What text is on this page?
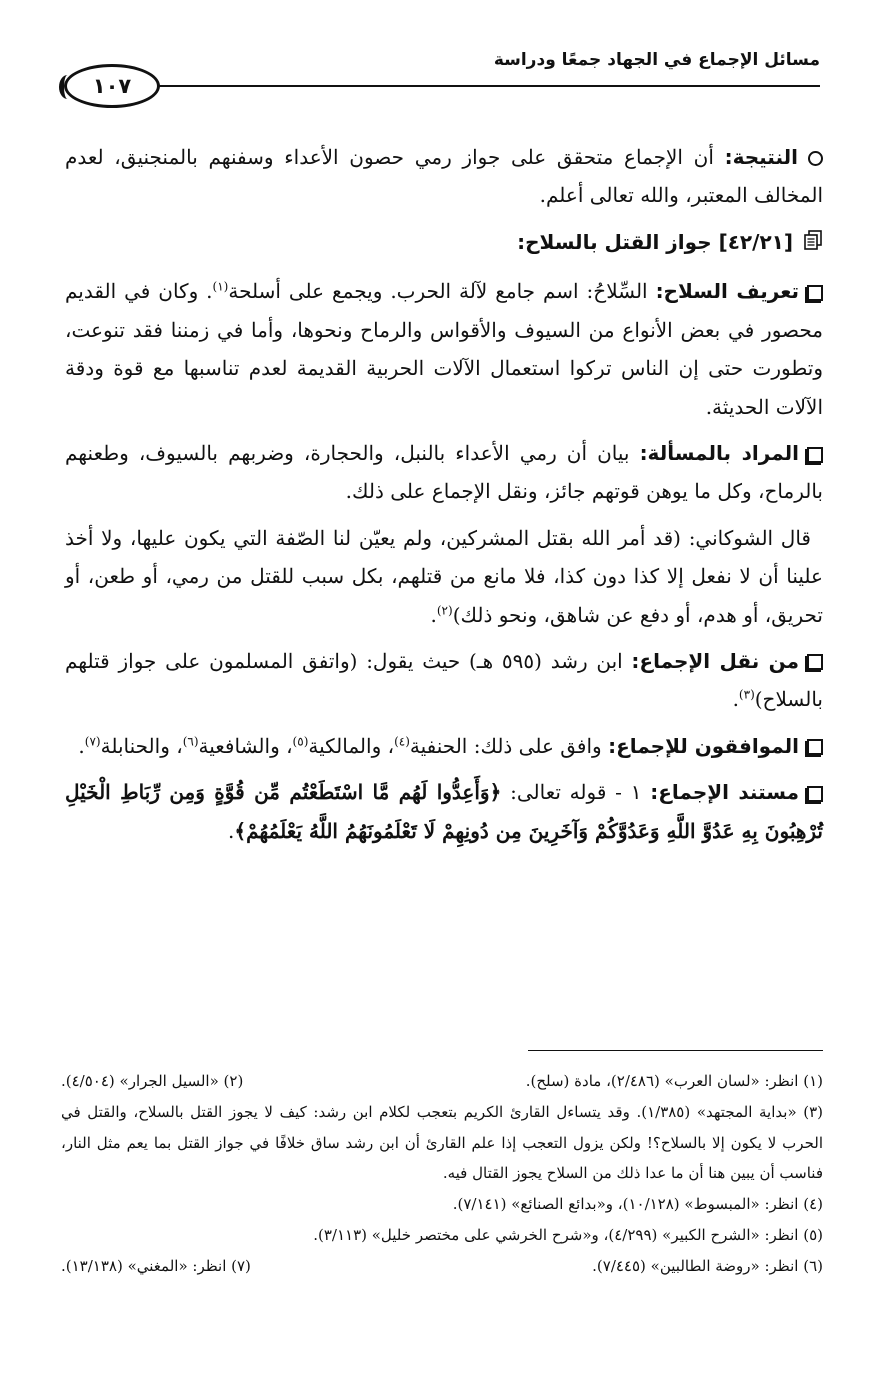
مسائل الإجماع في الجهاد جمعًا ودراسة
١٠٧

النتيجة: أن الإجماع متحقق على جواز رمي حصون الأعداء وسفنهم بالمنجنيق، لعدم المخالف المعتبر، والله تعالى أعلم.

[٤٢/٢١] جواز القتل بالسلاح:

تعريف السلاح: السِّلاحُ: اسم جامع لآلة الحرب. ويجمع على أسلحة$^{(١)}$. وكان في القديم محصور في بعض الأنواع من السيوف والأقواس والرماح ونحوها، وأما في زمننا فقد تنوعت، وتطورت حتى إن الناس تركوا استعمال الآلات الحربية القديمة لعدم تناسبها مع قوة ودقة الآلات الحديثة.

المراد بالمسألة: بيان أن رمي الأعداء بالنبل، والحجارة، وضربهم بالسيوف، وطعنهم بالرماح، وكل ما يوهن قوتهم جائز، ونقل الإجماع على ذلك.

قال الشوكاني: (قد أمر الله بقتل المشركين، ولم يعيّن لنا الصّفة التي يكون عليها، ولا أخذ علينا أن لا نفعل إلا كذا دون كذا، فلا مانع من قتلهم، بكل سبب للقتل من رمي، أو طعن، أو تحريق، أو هدم، أو دفع عن شاهق، ونحو ذلك)$^{(٢)}$.

من نقل الإجماع: ابن رشد (٥٩٥ هـ) حيث يقول: (واتفق المسلمون على جواز قتلهم بالسلاح)$^{(٣)}$.

الموافقون للإجماع: وافق على ذلك: الحنفية$^{(٤)}$، والمالكية$^{(٥)}$، والشافعية$^{(٦)}$، والحنابلة$^{(٧)}$.

مستند الإجماع: ١ - قوله تعالى: ﴿وَأَعِدُّوا لَهُم مَّا اسْتَطَعْتُم مِّن قُوَّةٍ وَمِن رِّبَاطِ الْخَيْلِ تُرْهِبُونَ بِهِ عَدُوَّ اللَّهِ وَعَدُوَّكُمْ وَآخَرِينَ مِن دُونِهِمْ لَا تَعْلَمُونَهُمُ اللَّهُ يَعْلَمُهُمْ﴾.

(١) انظر: «لسان العرب» (٢/٤٨٦)، مادة (سلح).
(٢) «السيل الجرار» (٤/٥٠٤).

(٣) «بداية المجتهد» (١/٣٨٥). وقد يتساءل القارئ الكريم بتعجب لكلام ابن رشد: كيف لا يجوز القتل بالسلاح، والقتل في الحرب لا يكون إلا بالسلاح؟! ولكن يزول التعجب إذا علم القارئ أن ابن رشد ساق خلافًا في جواز القتل بما يعم مثل النار، فناسب أن يبين هنا أن ما عدا ذلك من السلاح يجوز القتال فيه.

(٤) انظر: «المبسوط» (١٠/١٢٨)، و«بدائع الصنائع» (٧/١٤١).

(٥) انظر: «الشرح الكبير» (٤/٢٩٩)، و«شرح الخرشي على مختصر خليل» (٣/١١٣).

(٦) انظر: «روضة الطالبين» (٧/٤٤٥).
(٧) انظر: «المغني» (١٣/١٣٨).
